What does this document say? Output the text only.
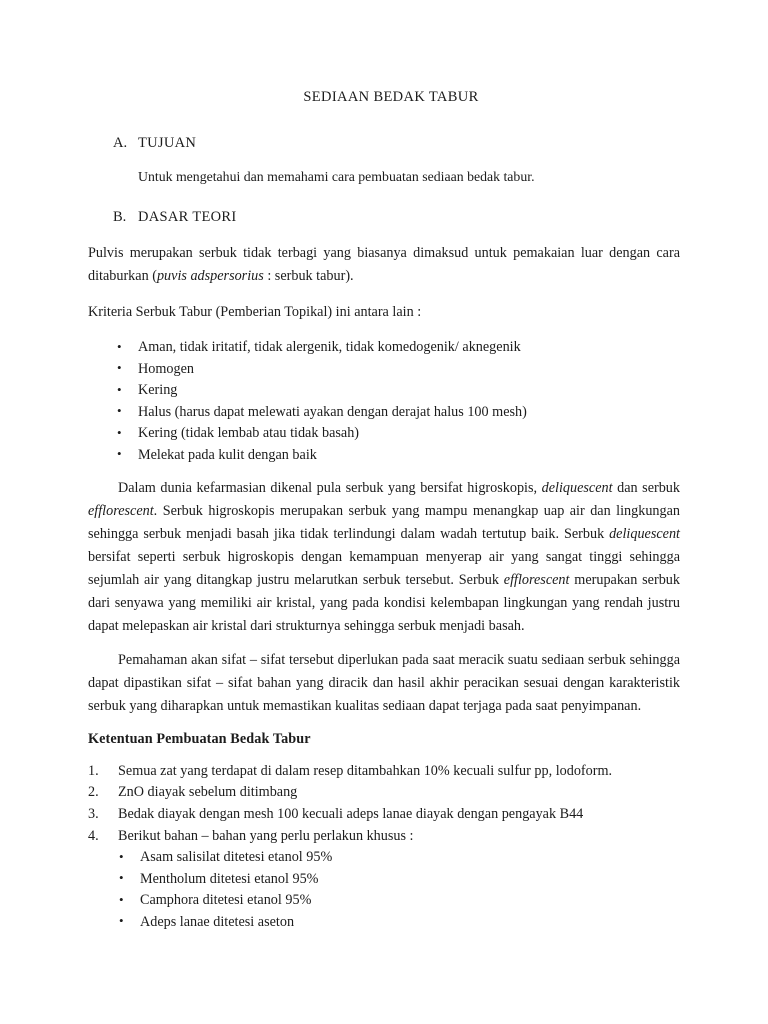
SEDIAAN BEDAK TABUR
A. TUJUAN
Untuk mengetahui dan memahami cara pembuatan sediaan bedak tabur.
B. DASAR TEORI

Pulvis merupakan serbuk tidak terbagi yang biasanya dimaksud untuk pemakaian luar dengan cara ditaburkan (puvis adspersorius : serbuk tabur).

Kriteria Serbuk Tabur (Pemberian Topikal) ini antara lain :

• Aman, tidak iritatif, tidak alergenik, tidak komedogenik/ aknegenik
• Homogen
• Kering
• Halus (harus dapat melewati ayakan dengan derajat halus 100 mesh)
• Kering (tidak lembab atau tidak basah)
• Melekat pada kulit dengan baik

Dalam dunia kefarmasian dikenal pula serbuk yang bersifat higroskopis, deliquescent dan serbuk efflorescent. Serbuk higroskopis merupakan serbuk yang mampu menangkap uap air dan lingkungan sehingga serbuk menjadi basah jika tidak terlindungi dalam wadah tertutup baik. Serbuk deliquescent bersifat seperti serbuk higroskopis dengan kemampuan menyerap air yang sangat tinggi sehingga sejumlah air yang ditangkap justru melarutkan serbuk tersebut. Serbuk efflorescent merupakan serbuk dari senyawa yang memiliki air kristal, yang pada kondisi kelembapan lingkungan yang rendah justru dapat melepaskan air kristal dari strukturnya sehingga serbuk menjadi basah.

Pemahaman akan sifat – sifat tersebut diperlukan pada saat meracik suatu sediaan serbuk sehingga dapat dipastikan sifat – sifat bahan yang diracik dan hasil akhir peracikan sesuai dengan karakteristik serbuk yang diharapkan untuk memastikan kualitas sediaan dapat terjaga pada saat penyimpanan.

Ketentuan Pembuatan Bedak Tabur
Semua zat yang terdapat di dalam resep ditambahkan 10% kecuali sulfur pp, lodoform.
ZnO diayak sebelum ditimbang
Bedak diayak dengan mesh 100 kecuali adeps lanae diayak dengan pengayak B44
Berikut bahan – bahan yang perlu perlakun khusus :
• Asam salisilat ditetesi etanol 95%
• Mentholum ditetesi etanol 95%
• Camphora ditetesi etanol 95%
• Adeps lanae ditetesi aseton
